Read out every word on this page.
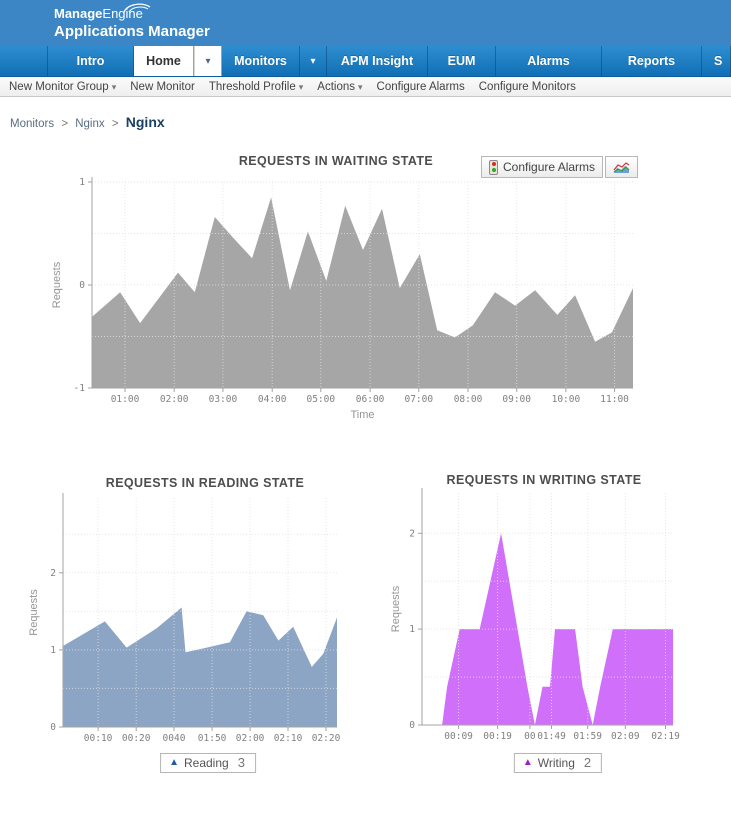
ManageEngine
Applications Manager
Intro	Home	▾	Monitors	▾	APM Insight	EUM	Alarms	Reports	S
New Monitor Group ▾ New Monitor Threshold Profile ▾ Actions ▾ Configure Alarms Configure Monitors
Monitors > Nginx > Nginx
Configure Alarms
1
0
-1
01:00 02:00 03:00 04:00 05:00 06:00 07:00 08:00 09:00 10:00 11:00
REQUESTS IN WAITING STATE
Requests
Time
0
1
2
00:10 00:20 0040 01:50 02:00 02:10 02:20
REQUESTS IN READING STATE
Requests
0
1
2
00:09 00:19 00 01:49 01:59 02:09 02:19
REQUESTS IN WRITING STATE
Requests
▲ Reading 3	▲ Writing 2
